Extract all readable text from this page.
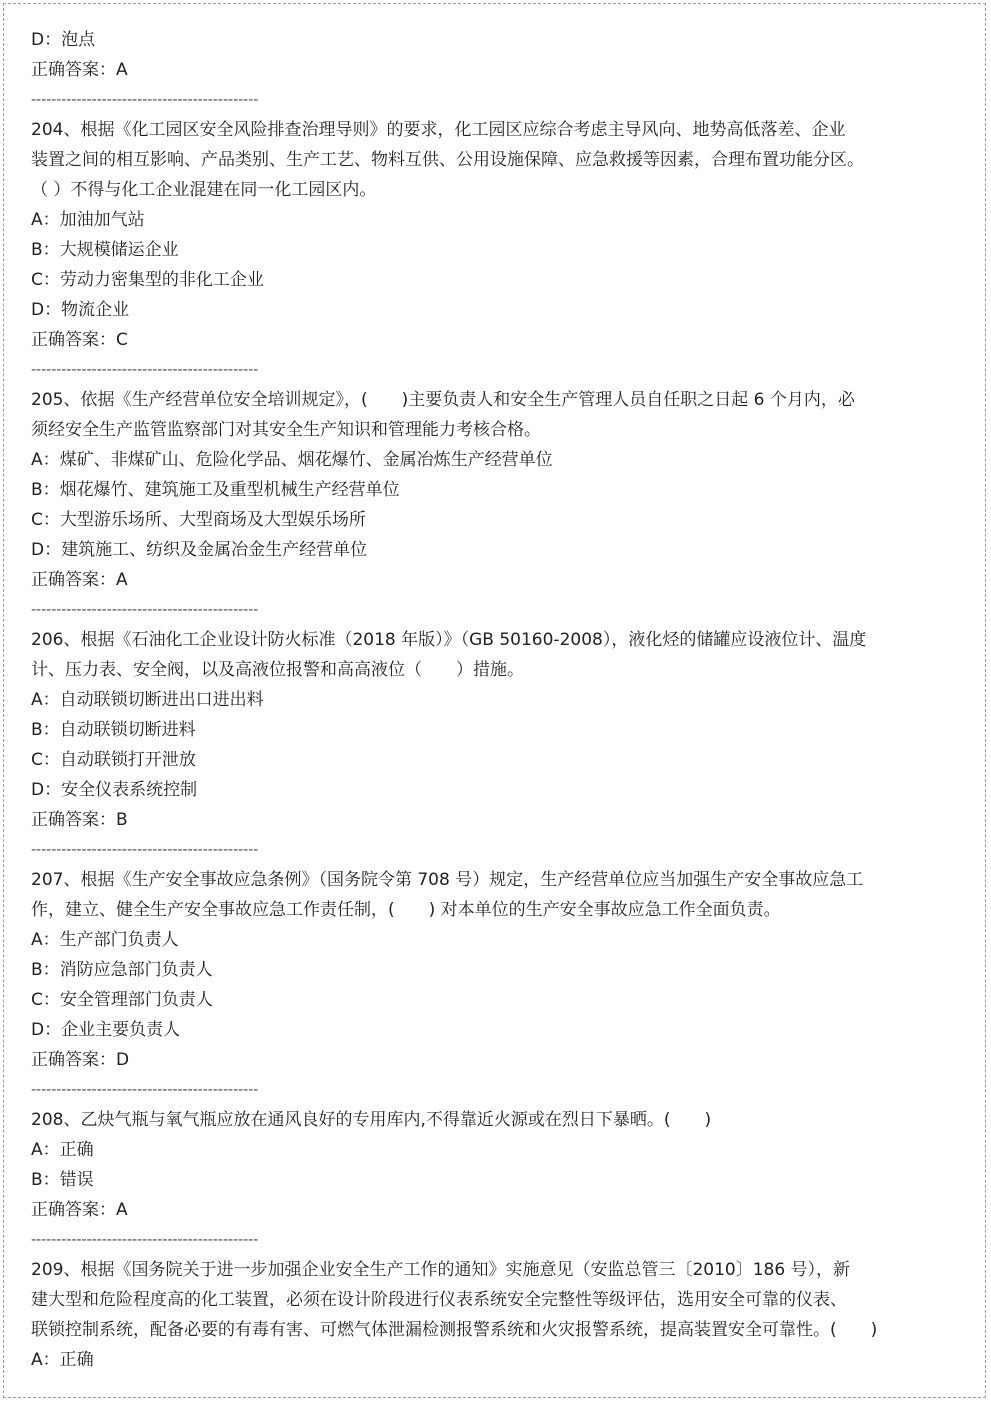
D：泡点
正确答案：A
---------------------------------------------
204、根据《化工园区安全风险排查治理导则》的要求，化工园区应综合考虑主导风向、地势高低落差、企业
装置之间的相互影响、产品类别、生产工艺、物料互供、公用设施保障、应急救援等因素，合理布置功能分区。
（ ）不得与化工企业混建在同一化工园区内。
A：加油加气站
B：大规模储运企业
C：劳动力密集型的非化工企业
D：物流企业
正确答案：C
---------------------------------------------
205、依据《生产经营单位安全培训规定》，(　　)主要负责人和安全生产管理人员自任职之日起 6 个月内，必
须经安全生产监管监察部门对其安全生产知识和管理能力考核合格。
A：煤矿、非煤矿山、危险化学品、烟花爆竹、金属冶炼生产经营单位
B：烟花爆竹、建筑施工及重型机械生产经营单位
C：大型游乐场所、大型商场及大型娱乐场所
D：建筑施工、纺织及金属冶金生产经营单位
正确答案：A
---------------------------------------------
206、根据《石油化工企业设计防火标准（2018 年版）》（GB 50160-2008），液化烃的储罐应设液位计、温度
计、压力表、安全阀，以及高液位报警和高高液位（　　）措施。
A：自动联锁切断进出口进出料
B：自动联锁切断进料
C：自动联锁打开泄放
D：安全仪表系统控制
正确答案：B
---------------------------------------------
207、根据《生产安全事故应急条例》（国务院令第 708 号）规定，生产经营单位应当加强生产安全事故应急工
作，建立、健全生产安全事故应急工作责任制，(　　) 对本单位的生产安全事故应急工作全面负责。
A：生产部门负责人
B：消防应急部门负责人
C：安全管理部门负责人
D：企业主要负责人
正确答案：D
---------------------------------------------
208、乙炔气瓶与氧气瓶应放在通风良好的专用库内,不得靠近火源或在烈日下暴晒。(　　)
A：正确
B：错误
正确答案：A
---------------------------------------------
209、根据《国务院关于进一步加强企业安全生产工作的通知》实施意见（安监总管三〔2010〕186 号），新
建大型和危险程度高的化工装置，必须在设计阶段进行仪表系统安全完整性等级评估，选用安全可靠的仪表、
联锁控制系统，配备必要的有毒有害、可燃气体泄漏检测报警系统和火灾报警系统，提高装置安全可靠性。(　　)
A：正确
